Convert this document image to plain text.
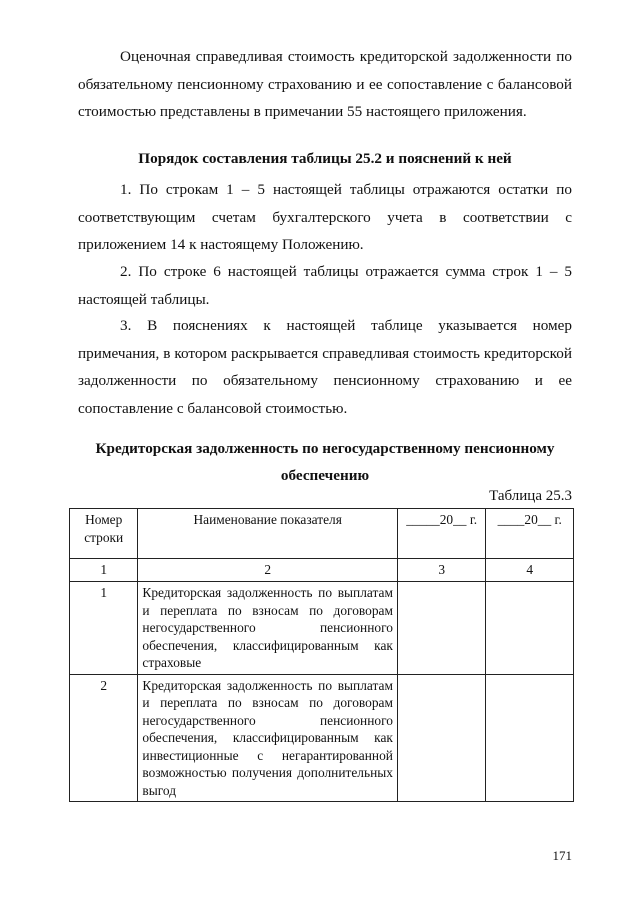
Оценочная справедливая стоимость кредиторской задолженности по обязательному пенсионному страхованию и ее сопоставление с балансовой стоимостью представлены в примечании 55 настоящего приложения.

Порядок составления таблицы 25.2 и пояснений к ней

1. По строкам 1 – 5 настоящей таблицы отражаются остатки по соответствующим счетам бухгалтерского учета в соответствии с приложением 14 к настоящему Положению.

2. По строке 6 настоящей таблицы отражается сумма строк 1 – 5 настоящей таблицы.

3. В пояснениях к настоящей таблице указывается номер примечания, в котором раскрывается справедливая стоимость кредиторской задолженности по обязательному пенсионному страхованию и ее сопоставление с балансовой стоимостью.

Кредиторская задолженность по негосударственному пенсионному

обеспечению

Таблица 25.3
Номер строки	Наименование показателя	_____20__ г.	____20__ г.
1	2	3	4
1	Кредиторская задолженность по выплатам и переплата по взносам по договорам негосударственного пенсионного обеспечения, классифицированным как страховые		
2	Кредиторская задолженность по выплатам и переплата по взносам по договорам негосударственного пенсионного обеспечения, классифицированным как инвестиционные с негарантированной возможностью получения дополнительных выгод		
171
